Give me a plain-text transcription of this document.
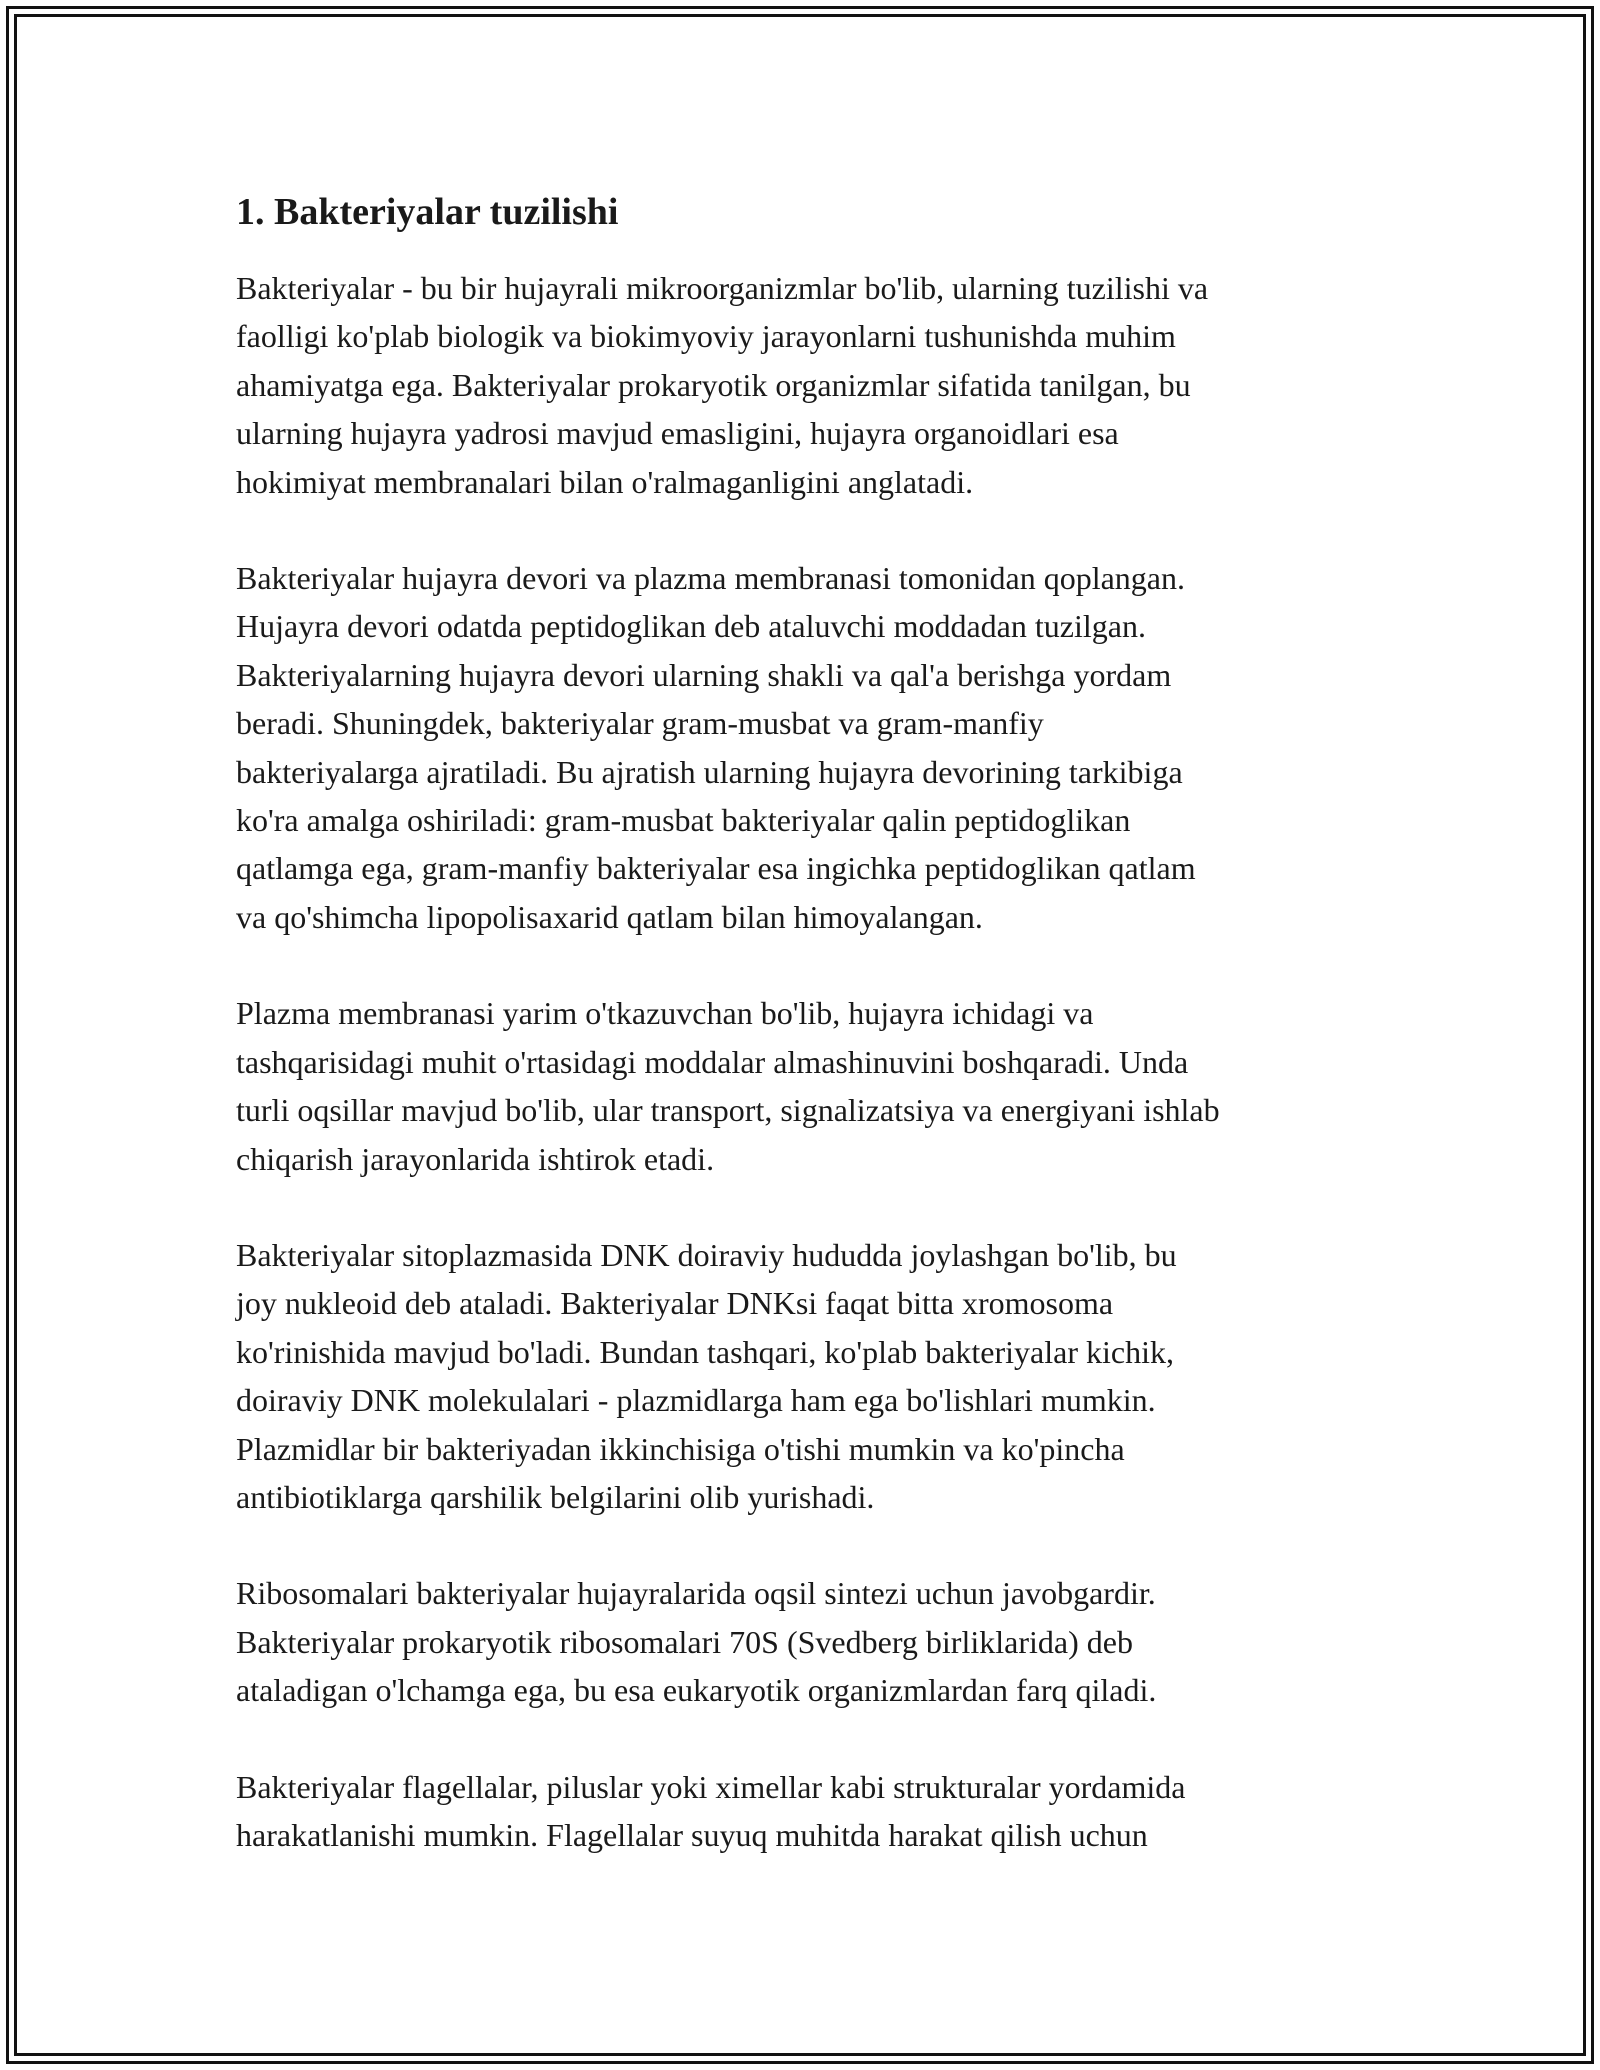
1. Bakteriyalar tuzilishi

Bakteriyalar - bu bir hujayrali mikroorganizmlar bo'lib, ularning tuzilishi va
faolligi ko'plab biologik va biokimyoviy jarayonlarni tushunishda muhim
ahamiyatga ega. Bakteriyalar prokaryotik organizmlar sifatida tanilgan, bu
ularning hujayra yadrosi mavjud emasligini, hujayra organoidlari esa
hokimiyat membranalari bilan o'ralmaganligini anglatadi.

Bakteriyalar hujayra devori va plazma membranasi tomonidan qoplangan.
Hujayra devori odatda peptidoglikan deb ataluvchi moddadan tuzilgan.
Bakteriyalarning hujayra devori ularning shakli va qal'a berishga yordam
beradi. Shuningdek, bakteriyalar gram-musbat va gram-manfiy
bakteriyalarga ajratiladi. Bu ajratish ularning hujayra devorining tarkibiga
ko'ra amalga oshiriladi: gram-musbat bakteriyalar qalin peptidoglikan
qatlamga ega, gram-manfiy bakteriyalar esa ingichka peptidoglikan qatlam
va qo'shimcha lipopolisaxarid qatlam bilan himoyalangan.

Plazma membranasi yarim o'tkazuvchan bo'lib, hujayra ichidagi va
tashqarisidagi muhit o'rtasidagi moddalar almashinuvini boshqaradi. Unda
turli oqsillar mavjud bo'lib, ular transport, signalizatsiya va energiyani ishlab
chiqarish jarayonlarida ishtirok etadi.

Bakteriyalar sitoplazmasida DNK doiraviy hududda joylashgan bo'lib, bu
joy nukleoid deb ataladi. Bakteriyalar DNKsi faqat bitta xromosoma
ko'rinishida mavjud bo'ladi. Bundan tashqari, ko'plab bakteriyalar kichik,
doiraviy DNK molekulalari - plazmidlarga ham ega bo'lishlari mumkin.
Plazmidlar bir bakteriyadan ikkinchisiga o'tishi mumkin va ko'pincha
antibiotiklarga qarshilik belgilarini olib yurishadi.

Ribosomalari bakteriyalar hujayralarida oqsil sintezi uchun javobgardir.
Bakteriyalar prokaryotik ribosomalari 70S (Svedberg birliklarida) deb
ataladigan o'lchamga ega, bu esa eukaryotik organizmlardan farq qiladi.

Bakteriyalar flagellalar, piluslar yoki ximellar kabi strukturalar yordamida
harakatlanishi mumkin. Flagellalar suyuq muhitda harakat qilish uchun
